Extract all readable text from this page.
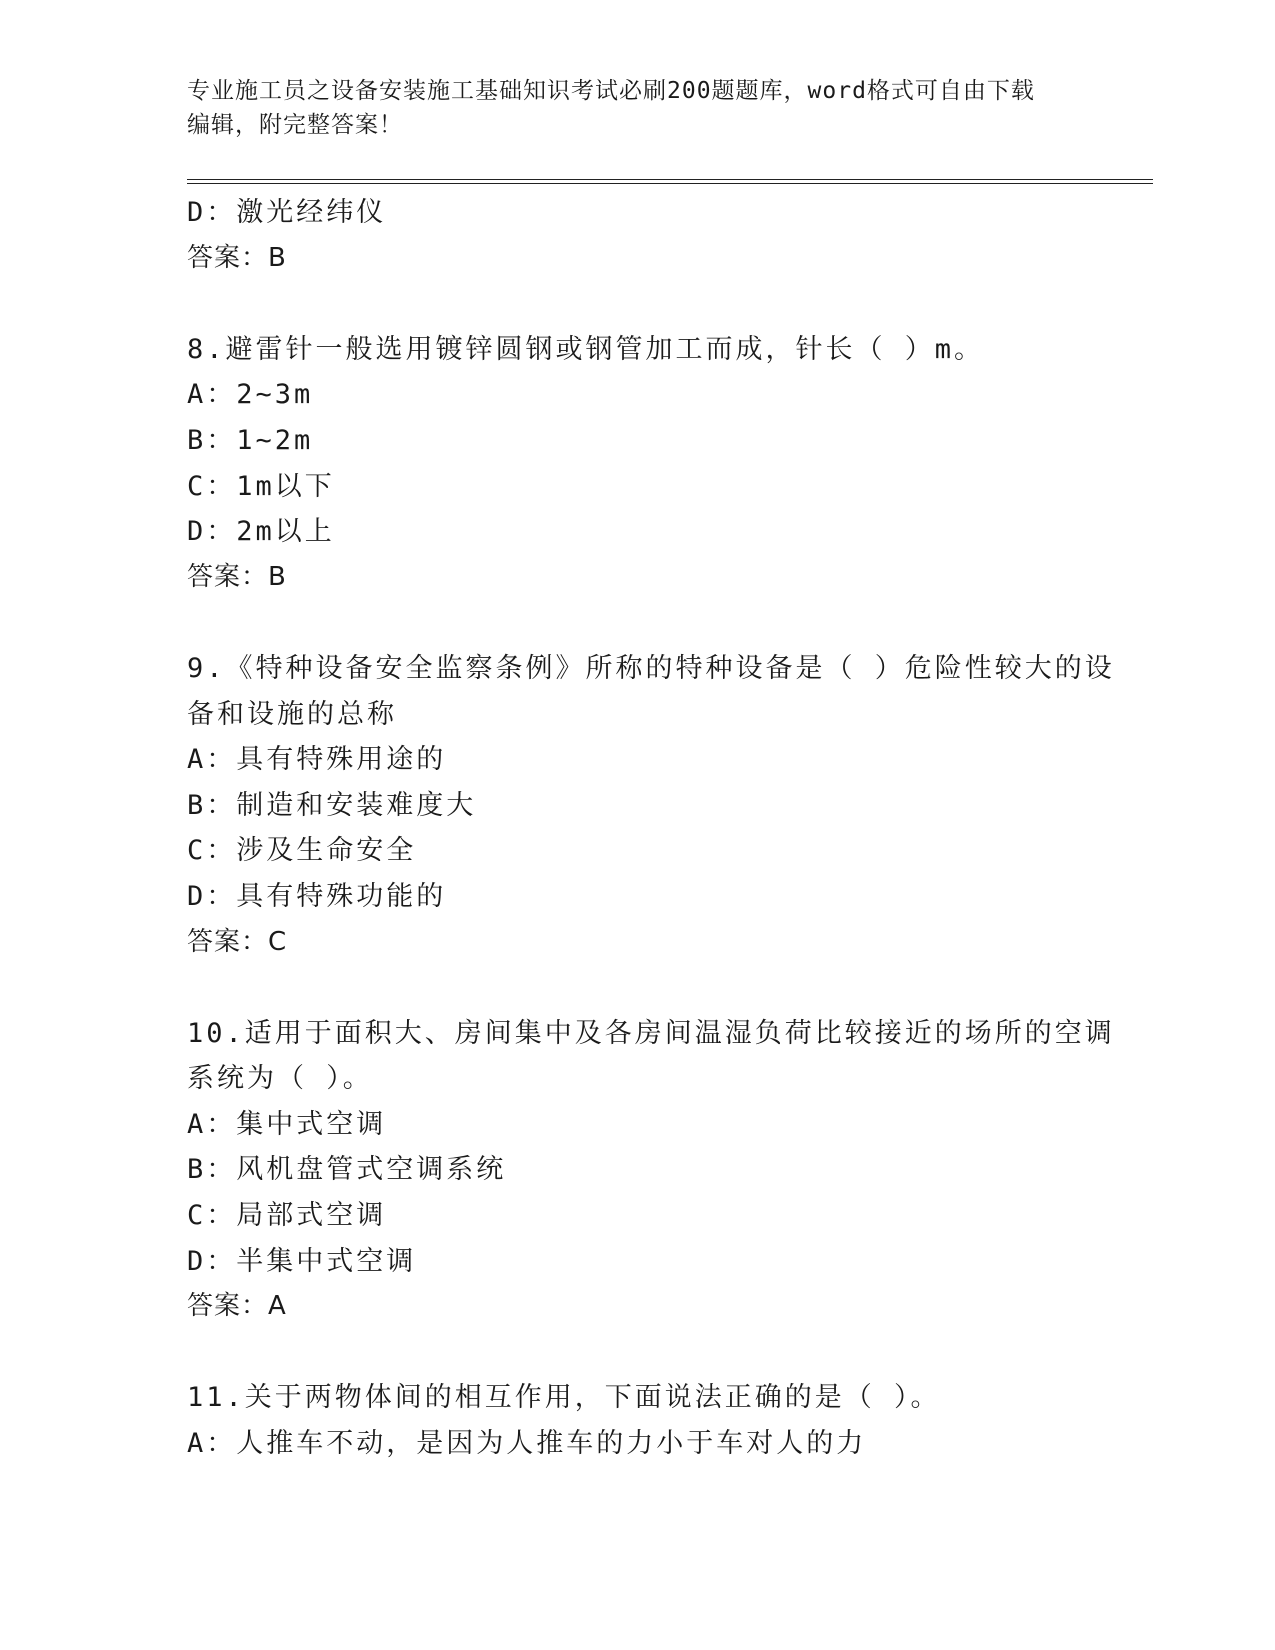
专业施工员之设备安装施工基础知识考试必刷200题题库，word格式可自由下载
编辑，附完整答案！
D：激光经纬仪
答案：B
8.避雷针一般选用镀锌圆钢或钢管加工而成，针长（ ）m。
A：2~3m
B：1~2m
C：1m以下
D：2m以上
答案：B
9.《特种设备安全监察条例》所称的特种设备是（ ）危险性较大的设
备和设施的总称
A：具有特殊用途的
B：制造和安装难度大
C：涉及生命安全
D：具有特殊功能的
答案：C
10.适用于面积大、房间集中及各房间温湿负荷比较接近的场所的空调
系统为（ ）。
A：集中式空调
B：风机盘管式空调系统
C：局部式空调
D：半集中式空调
答案：A
11.关于两物体间的相互作用，下面说法正确的是（ ）。
A：人推车不动，是因为人推车的力小于车对人的力
